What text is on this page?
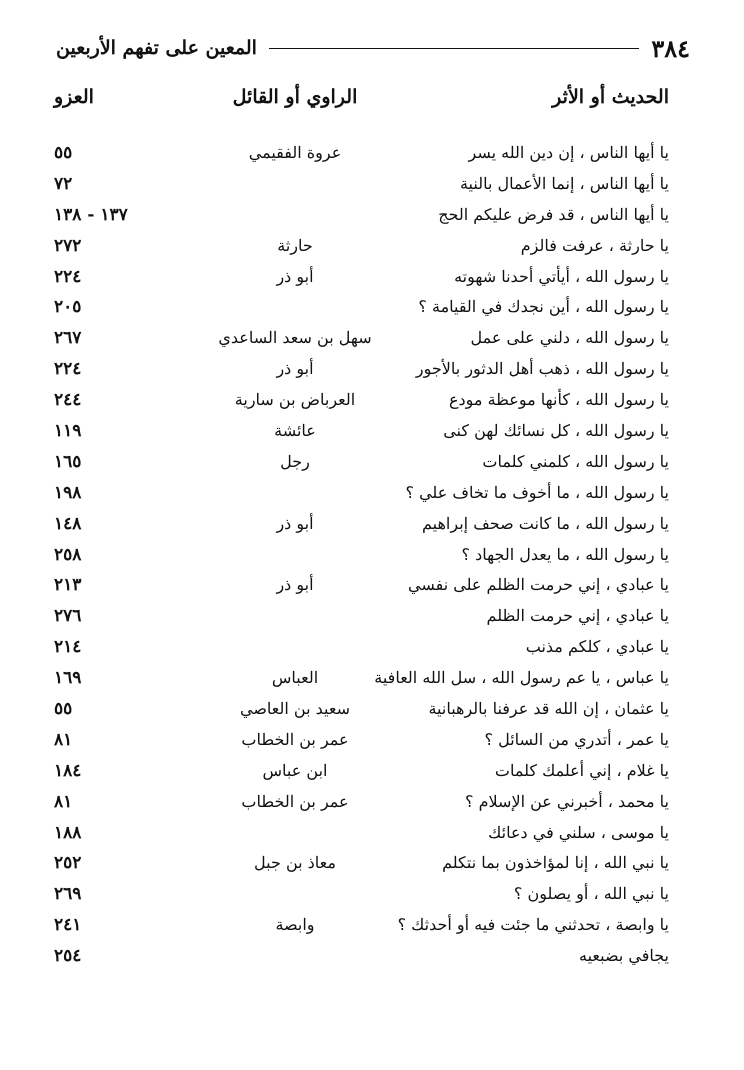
٣٨٤
المعين على تفهم الأربعين
الحديث أو الأثر
الراوي أو القائل
العزو
يا أيها الناس ، إن دين الله يسر
عروة الفقيمي
٥٥
يا أيها الناس ، إنما الأعمال بالنية
٧٢
يا أيها الناس ، قد فرض عليكم الحج
١٣٧ - ١٣٨
يا حارثة ، عرفت فالزم
حارثة
٢٧٢
يا رسول الله ، أيأتي أحدنا شهوته
أبو ذر
٢٢٤
يا رسول الله ، أين نجدك في القيامة ؟
٢٠٥
يا رسول الله ، دلني على عمل
سهل بن سعد الساعدي
٢٦٧
يا رسول الله ، ذهب أهل الدثور بالأجور
أبو ذر
٢٢٤
يا رسول الله ، كأنها موعظة مودع
العرباض بن سارية
٢٤٤
يا رسول الله ، كل نسائك لهن كنى
عائشة
١١٩
يا رسول الله ، كلمني كلمات
رجل
١٦٥
يا رسول الله ، ما أخوف ما تخاف علي ؟
١٩٨
يا رسول الله ، ما كانت صحف إبراهيم
أبو ذر
١٤٨
يا رسول الله ، ما يعدل الجهاد ؟
٢٥٨
يا عبادي ، إني حرمت الظلم على نفسي
أبو ذر
٢١٣
يا عبادي ، إني حرمت الظلم
٢٧٦
يا عبادي ، كلكم مذنب
٢١٤
يا عباس ، يا عم رسول الله ، سل الله العافية
العباس
١٦٩
يا عثمان ، إن الله قد عرفنا بالرهبانية
سعيد بن العاصي
٥٥
يا عمر ، أتدري من السائل ؟
عمر بن الخطاب
٨١
يا غلام ، إني أعلمك كلمات
ابن عباس
١٨٤
يا محمد ، أخبرني عن الإسلام ؟
عمر بن الخطاب
٨١
يا موسى ، سلني في دعائك
١٨٨
يا نبي الله ، إنا لمؤاخذون بما نتكلم
معاذ بن جبل
٢٥٢
يا نبي الله ، أو يصلون ؟
٢٦٩
يا وابصة ، تحدثني ما جئت فيه أو أحدثك ؟
وابصة
٢٤١
يجافي بضبعيه
٢٥٤
